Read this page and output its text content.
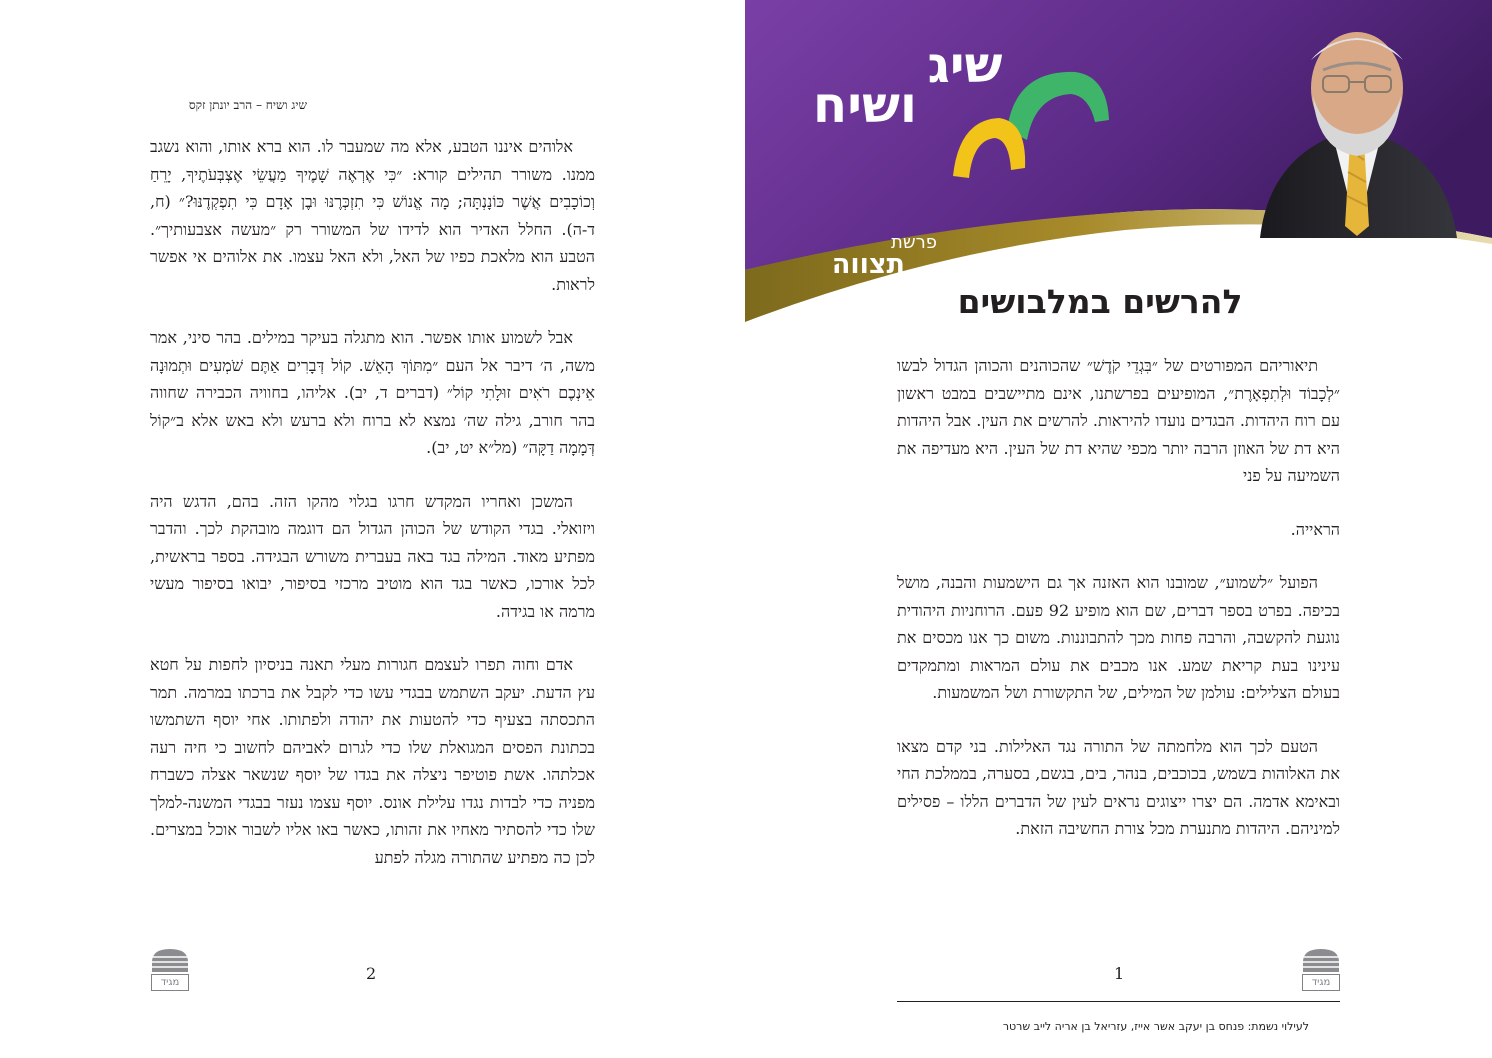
שיג ושיח – הרב יונתן זקס

אלוהים איננו הטבע, אלא מה שמעבר לו. הוא ברא אותו, והוא נשגב ממנו. משורר תהילים קורא: ״כִּי אֶרְאֶה שָׁמֶיךָ מַעֲשֵׂי אֶצְבְּעֹתֶיךָ, יָרֵחַ וְכוֹכָבִים אֲשֶׁר כּוֹנָנְתָּה; מָה אֱנוֹשׁ כִּי תִזְכְּרֶנּוּ וּבֶן אָדָם כִּי תִפְקְדֶנּוּ?״ (ח, ד-ה). החלל האדיר הוא לדידו של המשורר רק ״מעשה אצבעותיך״. הטבע הוא מלאכת כפיו של האל, ולא האל עצמו. את אלוהים אי אפשר לראות.

אבל לשמוע אותו אפשר. הוא מתגלה בעיקר במילים. בהר סיני, אמר משה, ה׳ דיבר אל העם ״מִתּוֹךְ הָאֵשׁ. קוֹל דְּבָרִים אַתֶּם שֹׁמְעִים וּתְמוּנָה אֵינְכֶם רֹאִים זוּלָתִי קוֹל״ (דברים ד, יב). אליהו, בחוויה הכבירה שחווה בהר חורב, גילה שה׳ נמצא לא ברוח ולא ברעש ולא באש אלא ב״קוֹל דְּמָמָה דַקָּה״ (מל״א יט, יב).

המשכן ואחריו המקדש חרגו בגלוי מהקו הזה. בהם, הדגש היה ויזואלי. בגדי הקודש של הכוהן הגדול הם דוגמה מובהקת לכך. והדבר מפתיע מאוד. המילה בגד באה בעברית משורש הבגידה. בספר בראשית, לכל אורכו, כאשר בגד הוא מוטיב מרכזי בסיפור, יבואו בסיפור מעשי מרמה או בגידה.

אדם וחוה תפרו לעצמם חגורות מעלי תאנה בניסיון לחפות על חטא עץ הדעת. יעקב השתמש בבגדי עשו כדי לקבל את ברכתו במרמה. תמר התכסתה בצעיף כדי להטעות את יהודה ולפתותו. אחי יוסף השתמשו בכתונת הפסים המגואלת שלו כדי לגרום לאביהם לחשוב כי חיה רעה אכלתהו. אשת פוטיפר ניצלה את בגדו של יוסף שנשאר אצלה כשברח מפניה כדי לבדות נגדו עלילת אונס. יוסף עצמו נעזר בבגדי המשנה-למלך שלו כדי להסתיר מאחיו את זהותו, כאשר באו אליו לשבור אוכל במצרים. לכן כה מפתיע שהתורה מגלה לפתע

מגיד	2
שיג
ושיח
פרשת
תצווה
להרשים במלבושים

תיאוריהם המפורטים של ״בִּגְדֵי קֹדֶשׁ״ שהכוהנים והכוהן הגדול לבשו ״לְכָבוֹד וּלְתִפְאָרֶת״, המופיעים בפרשתנו, אינם מתיישבים במבט ראשון עם רוח היהדות. הבגדים נועדו להיראות. להרשים את העין. אבל היהדות היא דת של האוזן הרבה יותר מכפי שהיא דת של העין. היא מעדיפה את השמיעה על פני

הראייה.

הפועל ״לשמוע״, שמובנו הוא האזנה אך גם הישמעות והבנה, מושל בכיפה. בפרט בספר דברים, שם הוא מופיע 92 פעם. הרוחניות היהודית נוגעת להקשבה, והרבה פחות מכך להתבוננות. משום כך אנו מכסים את עינינו בעת קריאת שמע. אנו מכבים את עולם המראות ומתמקדים בעולם הצלילים: עולמן של המילים, של התקשורת ושל המשמעות.

הטעם לכך הוא מלחמתה של התורה נגד האלילות. בני קדם מצאו את האלוהות בשמש, בכוכבים, בנהר, בים, בגשם, בסערה, בממלכת החי ובאימא אדמה. הם יצרו ייצוגים נראים לעין של הדברים הללו – פסילים למיניהם. היהדות מתנערת מכל צורת החשיבה הזאת.

1	מגיד
לעילוי נשמת: פנחס בן יעקב אשר אייז, עזריאל בן אריה לייב שרטר
